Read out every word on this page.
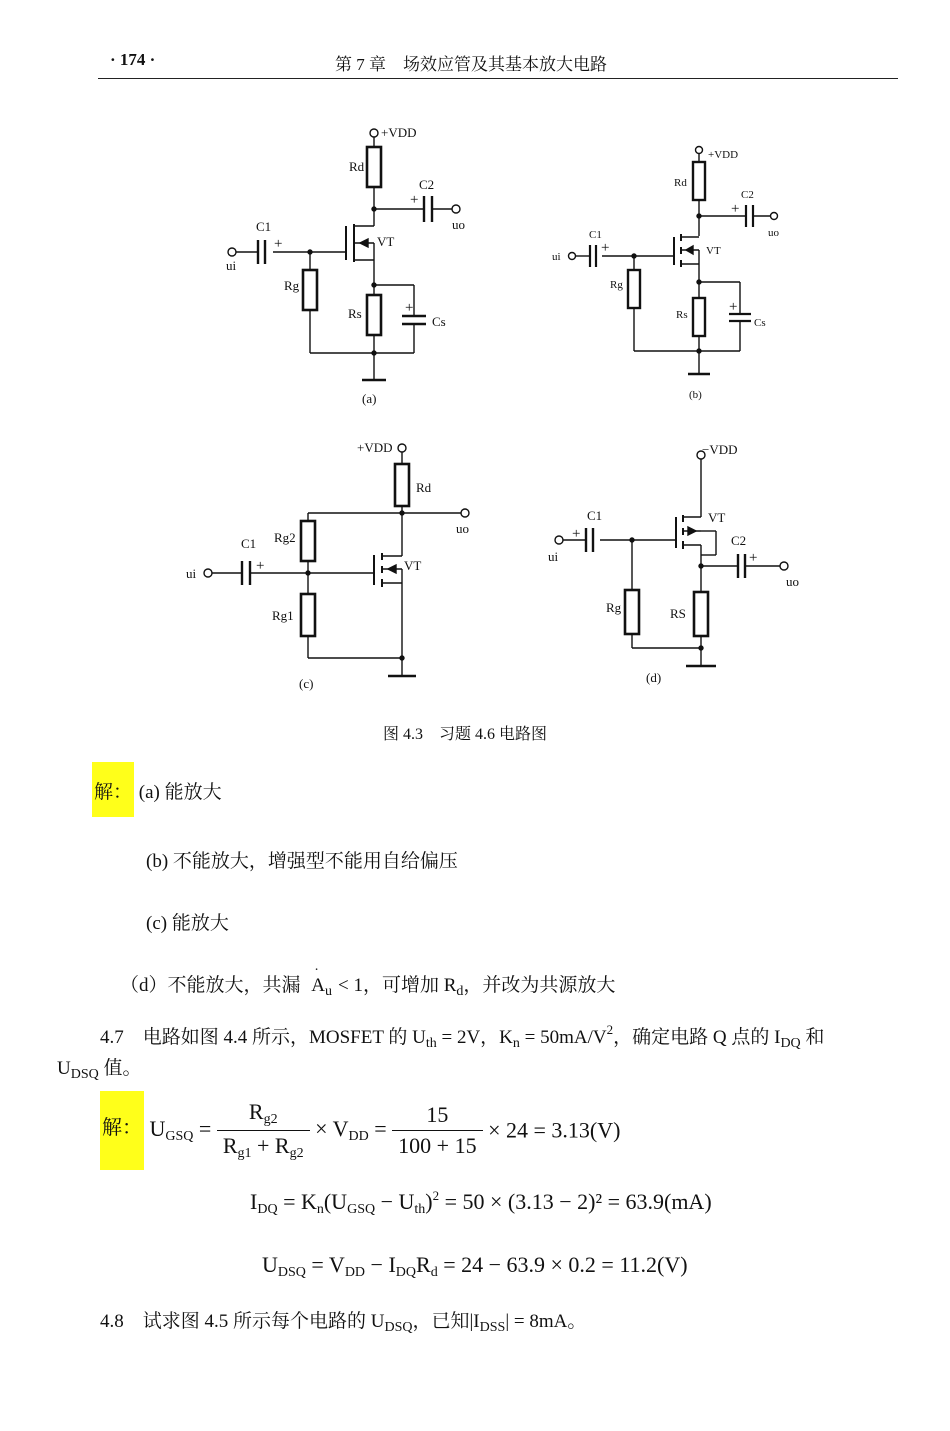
· 174 ·	第 7 章　场效应管及其基本放大电路
+
+
+
+
+
+
+
+
+
+VDD
Rd
C2
uo
C1
VT
ui
Rg
Rs
Cs
(a)
+VDD
Rd
C2
uo
C1
VT
ui
Rg
Rs
Cs
(b)
+VDD
Rd
uo
Rg2
C1
VT
ui
Rg1
(c)
−VDD
VT
C1
C2
ui
uo
Rg	RS
(d)
图 4.3　习题 4.6 电路图
解： (a) 能放大
(b) 不能放大，增强型不能用自给偏压
(c) 能放大
（d）不能放大，共漏 $A_u$
·
< 1，可增加 $R_d$，并改为共源放大
4.7　电路如图 4.4 所示，MOSFET 的 $U_{th} = 2V$，$K_n = 50mA/V^2$，确定电路 Q 点的 $I_{DQ}$ 和
$U_{DSQ}$ 值。
解： $U_{GSQ} = \frac{R_{g2}}{R_{g1} + R_{g2}} \times V_{DD} = \frac{15}{100 + 15} \times 24 = 3.13(V)$
$I_{DQ} = K_n(U_{GSQ} - U_{th})^2 = 50 \times (3.13 - 2)^2 = 63.9(mA)$
$U_{DSQ} = V_{DD} - I_{DQ}R_d = 24 - 63.9 \times 0.2 = 11.2(V)$
4.8　试求图 4.5 所示每个电路的 $U_{DSQ}$，已知$|I_{DSS}| = 8mA$。
